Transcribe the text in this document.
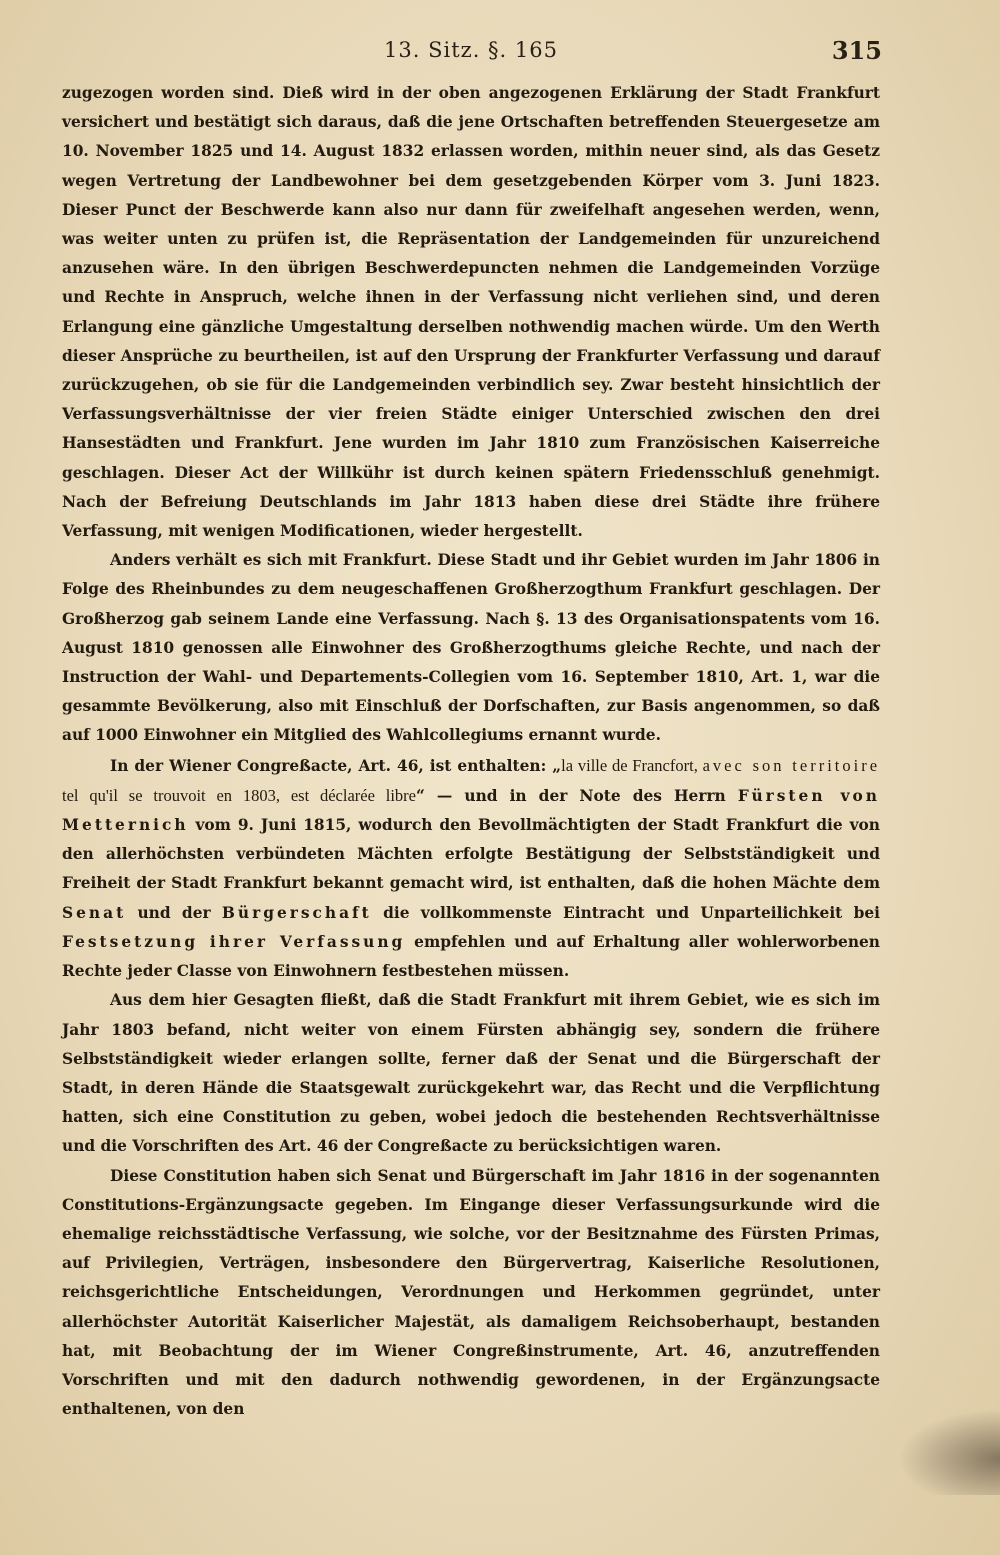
13. Sitz. §. 165	315

zugezogen worden sind. Dieß wird in der oben angezogenen Erklärung der Stadt Frankfurt versichert und bestätigt sich daraus, daß die jene Ortschaften betreffenden Steuergesetze am 10. November 1825 und 14. August 1832 erlassen worden, mithin neuer sind, als das Gesetz wegen Vertretung der Landbewohner bei dem gesetzgebenden Körper vom 3. Juni 1823. Dieser Punct der Beschwerde kann also nur dann für zweifelhaft angesehen werden, wenn, was weiter unten zu prüfen ist, die Repräsentation der Landgemeinden für unzureichend anzusehen wäre. In den übrigen Beschwerdepuncten nehmen die Landgemeinden Vorzüge und Rechte in Anspruch, welche ihnen in der Verfassung nicht verliehen sind, und deren Erlangung eine gänzliche Umgestaltung derselben nothwendig machen würde. Um den Werth dieser Ansprüche zu beurtheilen, ist auf den Ursprung der Frankfurter Verfassung und darauf zurückzugehen, ob sie für die Landgemeinden verbindlich sey. Zwar besteht hinsichtlich der Verfassungsverhältnisse der vier freien Städte einiger Unterschied zwischen den drei Hansestädten und Frankfurt. Jene wurden im Jahr 1810 zum Französischen Kaiserreiche geschlagen. Dieser Act der Willkühr ist durch keinen spätern Friedensschluß genehmigt. Nach der Befreiung Deutschlands im Jahr 1813 haben diese drei Städte ihre frühere Verfassung, mit wenigen Modificationen, wieder hergestellt.

Anders verhält es sich mit Frankfurt. Diese Stadt und ihr Gebiet wurden im Jahr 1806 in Folge des Rheinbundes zu dem neugeschaffenen Großherzogthum Frankfurt geschlagen. Der Großherzog gab seinem Lande eine Verfassung. Nach §. 13 des Organisationspatents vom 16. August 1810 genossen alle Einwohner des Großherzogthums gleiche Rechte, und nach der Instruction der Wahl- und Departements-Collegien vom 16. September 1810, Art. 1, war die gesammte Bevölkerung, also mit Einschluß der Dorfschaften, zur Basis angenommen, so daß auf 1000 Einwohner ein Mitglied des Wahlcollegiums ernannt wurde.

In der Wiener Congreßacte, Art. 46, ist enthalten: „la ville de Francfort, avec son territoire tel qu'il se trouvoit en 1803, est déclarée libre“ — und in der Note des Herrn Fürsten von Metternich vom 9. Juni 1815, wodurch den Bevollmächtigten der Stadt Frankfurt die von den allerhöchsten verbündeten Mächten erfolgte Bestätigung der Selbstständigkeit und Freiheit der Stadt Frankfurt bekannt gemacht wird, ist enthalten, daß die hohen Mächte dem Senat und der Bürgerschaft die vollkommenste Eintracht und Unparteilichkeit bei Festsetzung ihrer Verfassung empfehlen und auf Erhaltung aller wohlerworbenen Rechte jeder Classe von Einwohnern festbestehen müssen.

Aus dem hier Gesagten fließt, daß die Stadt Frankfurt mit ihrem Gebiet, wie es sich im Jahr 1803 befand, nicht weiter von einem Fürsten abhängig sey, sondern die frühere Selbstständigkeit wieder erlangen sollte, ferner daß der Senat und die Bürgerschaft der Stadt, in deren Hände die Staatsgewalt zurückgekehrt war, das Recht und die Verpflichtung hatten, sich eine Constitution zu geben, wobei jedoch die bestehenden Rechtsverhältnisse und die Vorschriften des Art. 46 der Congreßacte zu berücksichtigen waren.

Diese Constitution haben sich Senat und Bürgerschaft im Jahr 1816 in der sogenannten Constitutions-Ergänzungsacte gegeben. Im Eingange dieser Verfassungsurkunde wird die ehemalige reichsstädtische Verfassung, wie solche, vor der Besitznahme des Fürsten Primas, auf Privilegien, Verträgen, insbesondere den Bürgervertrag, Kaiserliche Resolutionen, reichsgerichtliche Entscheidungen, Verordnungen und Herkommen gegründet, unter allerhöchster Autorität Kaiserlicher Majestät, als damaligem Reichsoberhaupt, bestanden hat, mit Beobachtung der im Wiener Congreßinstrumente, Art. 46, anzutreffenden Vorschriften und mit den dadurch nothwendig gewordenen, in der Ergänzungsacte enthaltenen, von den
